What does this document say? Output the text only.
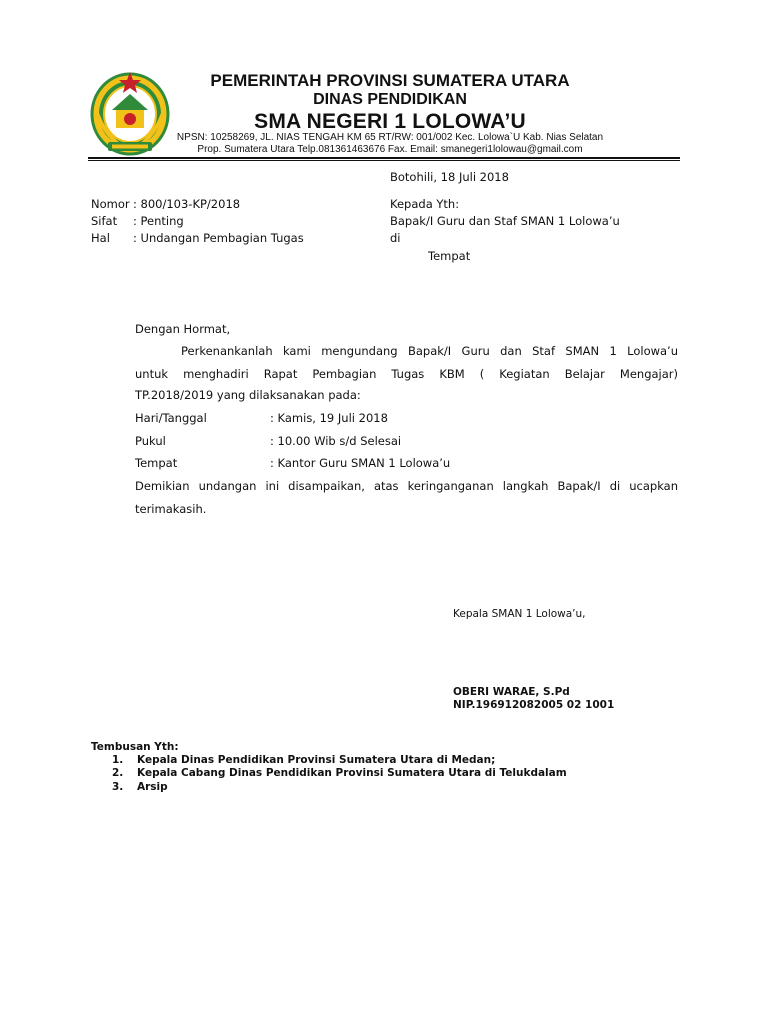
PEMERINTAH PROVINSI SUMATERA UTARA
DINAS PENDIDIKAN
SMA NEGERI 1 LOLOWA’U
NPSN: 10258269, JL. NIAS TENGAH KM 65 RT/RW: 001/002 Kec. Lolowa`U Kab. Nias Selatan
Prop. Sumatera Utara Telp.081361463676 Fax. Email: smanegeri1lolowau@gmail.com
Botohili, 18 Juli 2018
Nomor : 800/103-KP/2018
Sifat : Penting
Hal : Undangan Pembagian Tugas
Kepada Yth:
Bapak/I Guru dan Staf SMAN 1 Lolowa’u
di
Tempat
Dengan Hormat,
Perkenankanlah kami mengundang Bapak/I Guru dan Staf SMAN 1 Lolowa’u
untuk menghadiri Rapat Pembagian Tugas KBM ( Kegiatan Belajar Mengajar)
TP.2018/2019 yang dilaksanakan pada:
Hari/Tanggal	: Kamis, 19 Juli 2018
Pukul	: 10.00 Wib s/d Selesai
Tempat	: Kantor Guru SMAN 1 Lolowa’u
Demikian undangan ini disampaikan, atas keringanganan langkah Bapak/I di ucapkan
terimakasih.
Kepala SMAN 1 Lolowa’u,
OBERI WARAE, S.Pd
NIP.196912082005 02 1001
Tembusan Yth:
1. Kepala Dinas Pendidikan Provinsi Sumatera Utara di Medan;
2. Kepala Cabang Dinas Pendidikan Provinsi Sumatera Utara di Telukdalam
3. Arsip
